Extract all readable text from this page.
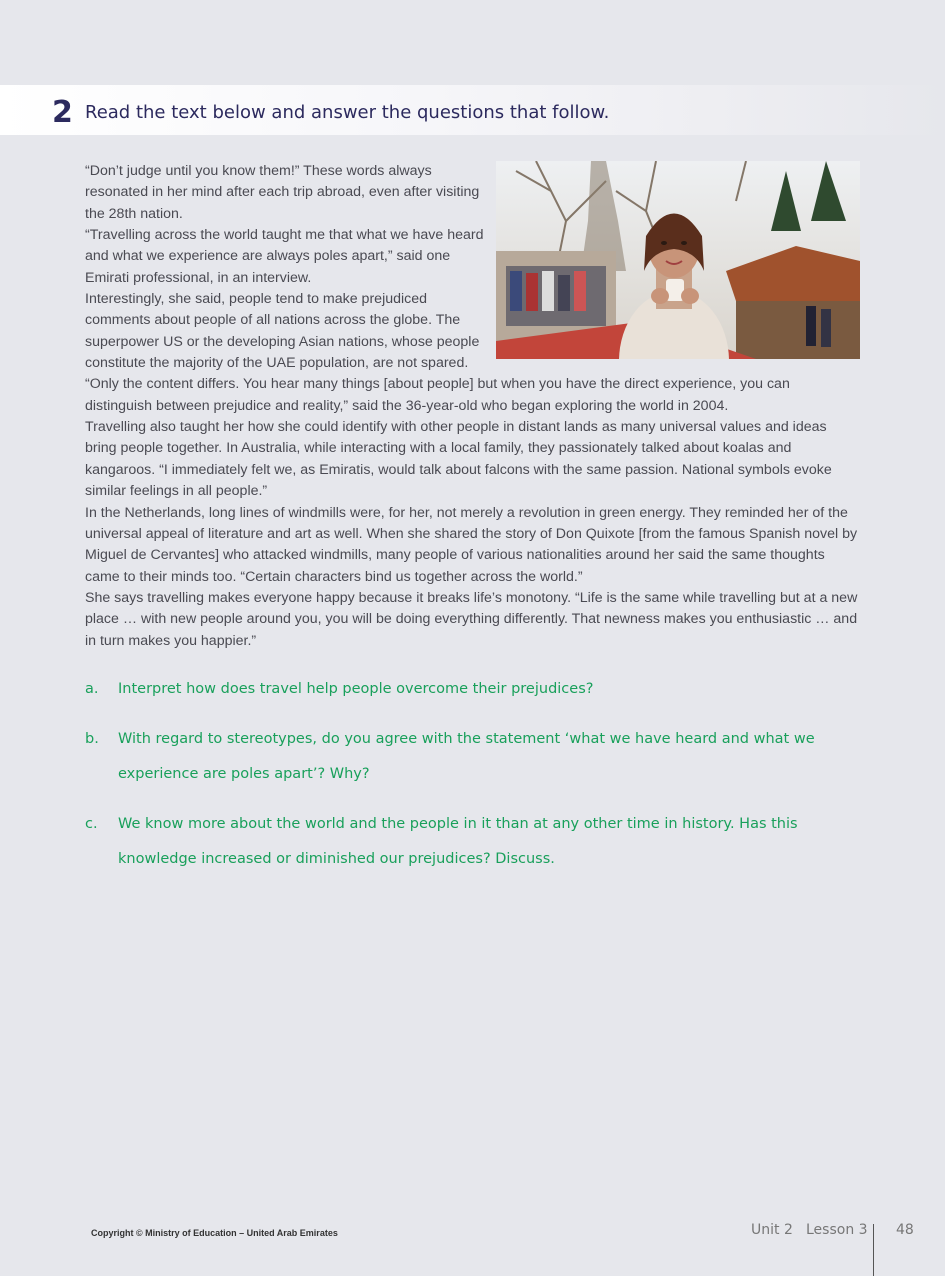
2 Read the text below and answer the questions that follow.

“Don’t judge until you know them!” These words always resonated in her mind after each trip abroad, even after visiting the 28th nation.

“Travelling across the world taught me that what we have heard and what we experience are always poles apart,” said one Emirati professional, in an interview.

Interestingly, she said, people tend to make prejudiced comments about people of all nations across the globe. The superpower US or the developing Asian nations, whose people constitute the majority of the UAE population, are not spared.

“Only the content differs. You hear many things [about people] but when you have the direct experience, you can distinguish between prejudice and reality,” said the 36-year-old who began exploring the world in 2004.

Travelling also taught her how she could identify with other people in distant lands as many universal values and ideas bring people together. In Australia, while interacting with a local family, they passionately talked about koalas and kangaroos. “I immediately felt we, as Emiratis, would talk about falcons with the same passion. National symbols evoke similar feelings in all people.”

In the Netherlands, long lines of windmills were, for her, not merely a revolution in green energy. They reminded her of the universal appeal of literature and art as well. When she shared the story of Don Quixote [from the famous Spanish novel by Miguel de Cervantes] who attacked windmills, many people of various nationalities around her said the same thoughts came to their minds too. “Certain characters bind us together across the world.”

She says travelling makes everyone happy because it breaks life’s monotony. “Life is the same while travelling but at a new place … with new people around you, you will be doing everything differently. That newness makes you enthusiastic … and in turn makes you happier.”

a. Interpret how does travel help people overcome their prejudices?
b. With regard to stereotypes, do you agree with the statement ‘what we have heard and what we experience are poles apart’? Why?
c. We know more about the world and the people in it than at any other time in history. Has this knowledge increased or diminished our prejudices? Discuss.
Copyright © Ministry of Education – United Arab Emirates	Unit 2 Lesson 3 48
